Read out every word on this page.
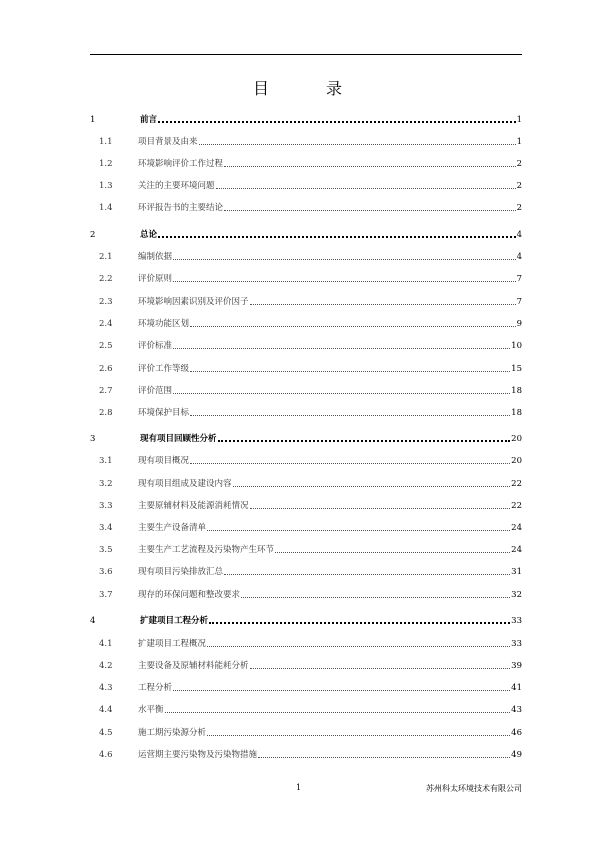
目 录
1	前言	1
1.1	项目背景及由来	1
1.2	环境影响评价工作过程	2
1.3	关注的主要环境问题	2
1.4	环评报告书的主要结论	2
2	总论	4
2.1	编制依据	4
2.2	评价原则	7
2.3	环境影响因素识别及评价因子	7
2.4	环境功能区划	9
2.5	评价标准	10
2.6	评价工作等级	15
2.7	评价范围	18
2.8	环境保护目标	18
3	现有项目回顾性分析	20
3.1	现有项目概况	20
3.2	现有项目组成及建设内容	22
3.3	主要原辅材料及能源消耗情况	22
3.4	主要生产设备清单	24
3.5	主要生产工艺流程及污染物产生环节	24
3.6	现有项目污染排放汇总	31
3.7	现存的环保问题和整改要求	32
4	扩建项目工程分析	33
4.1	扩建项目工程概况	33
4.2	主要设备及原辅材料能耗分析	39
4.3	工程分析	41
4.4	水平衡	43
4.5	施工期污染源分析	46
4.6	运营期主要污染物及污染物措施	49
1	苏州科太环境技术有限公司
